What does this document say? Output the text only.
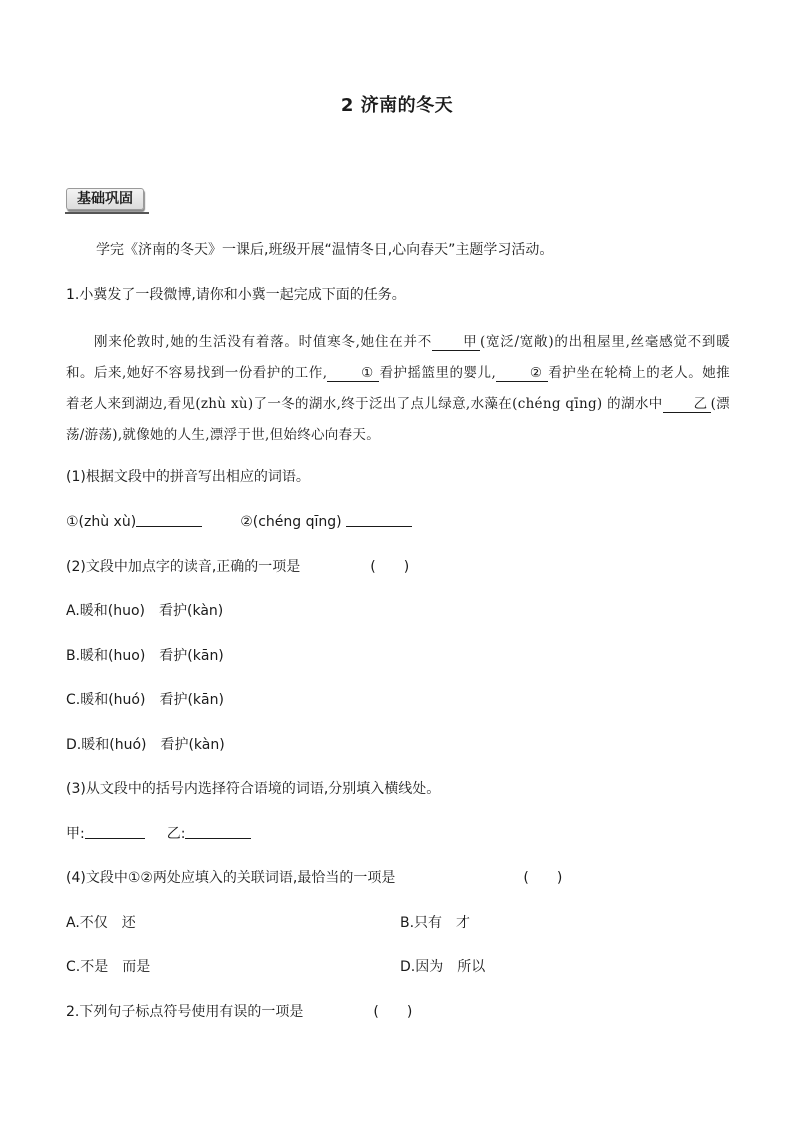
2 济南的冬天
基础巩固
学完《济南的冬天》一课后,班级开展“温情冬日,心向春天”主题学习活动。
1.小冀发了一段微博,请你和小冀一起完成下面的任务。

刚来伦敦时,她的生活没有着落。时值寒冬,她住在并不 甲 (宽泛/宽敞)的出租屋里,丝毫感觉不到暖和。后来,她好不容易找到一份看护的工作,	① 看护摇篮里的婴儿,	② 看护坐在轮椅上的老人。她推着老人来到湖边,看见(zhù xù)了一冬的湖水,终于泛出了点儿绿意,水藻在(chéng qīng) 的湖水中 乙 (漂荡/游荡),就像她的人生,漂浮于世,但始终心向春天。

(1)根据文段中的拼音写出相应的词语。
①(zhù xù)	②(chéng qīng)
(2)文段中加点字的读音,正确的一项是	(　　)
A.暖和(huo)　看护(kàn)
B.暖和(huo)　看护(kān)
C.暖和(huó)　看护(kān)
D.暖和(huó)　看护(kàn)
(3)从文段中的括号内选择符合语境的词语,分别填入横线处。
甲:	乙:
(4)文段中①②两处应填入的关联词语,最恰当的一项是	(　　)
A.不仅　还	B.只有　才
C.不是　而是	D.因为　所以
2.下列句子标点符号使用有误的一项是	(　　)
